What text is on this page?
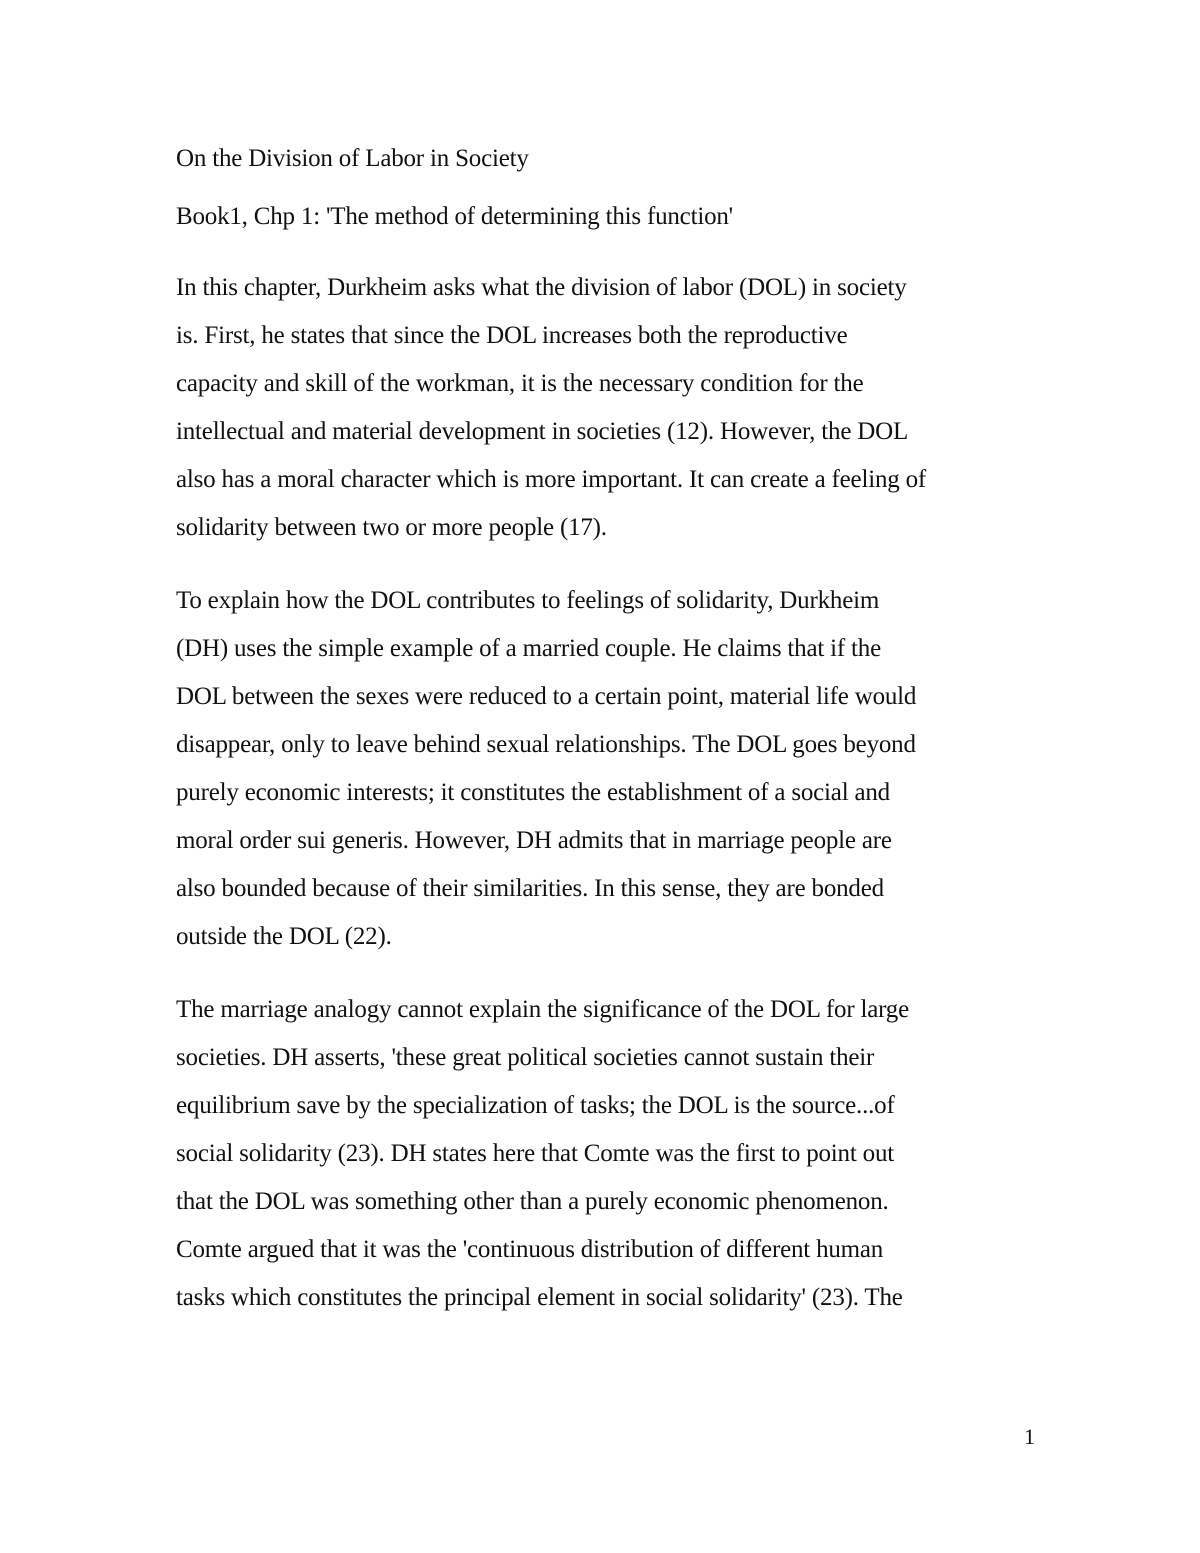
On the Division of Labor in Society

Book1, Chp 1: 'The method of determining this function'

In this chapter, Durkheim asks what the division of labor (DOL) in society
is. First, he states that since the DOL increases both the reproductive
capacity and skill of the workman, it is the necessary condition for the
intellectual and material development in societies (12). However, the DOL
also has a moral character which is more important. It can create a feeling of
solidarity between two or more people (17).

To explain how the DOL contributes to feelings of solidarity, Durkheim
(DH) uses the simple example of a married couple. He claims that if the
DOL between the sexes were reduced to a certain point, material life would
disappear, only to leave behind sexual relationships. The DOL goes beyond
purely economic interests; it constitutes the establishment of a social and
moral order sui generis. However, DH admits that in marriage people are
also bounded because of their similarities. In this sense, they are bonded
outside the DOL (22).

The marriage analogy cannot explain the significance of the DOL for large
societies. DH asserts, 'these great political societies cannot sustain their
equilibrium save by the specialization of tasks; the DOL is the source...of
social solidarity (23). DH states here that Comte was the first to point out
that the DOL was something other than a purely economic phenomenon.
Comte argued that it was the 'continuous distribution of different human
tasks which constitutes the principal element in social solidarity' (23). The

1
